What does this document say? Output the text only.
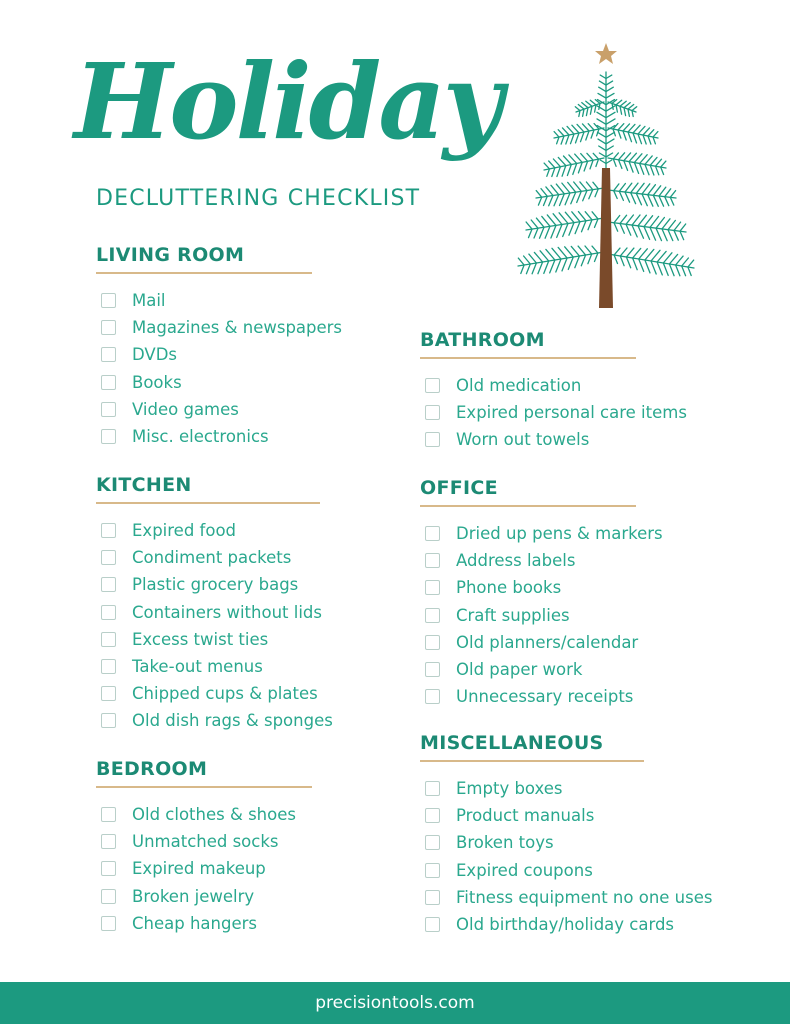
Holiday
DECLUTTERING CHECKLIST
LIVING ROOM
Mail
Magazines & newspapers
DVDs
Books
Video games
Misc. electronics
KITCHEN
Expired food
Condiment packets
Plastic grocery bags
Containers without lids
Excess twist ties
Take-out menus
Chipped cups & plates
Old dish rags & sponges
BEDROOM
Old clothes & shoes
Unmatched socks
Expired makeup
Broken jewelry
Cheap hangers
BATHROOM
Old medication
Expired personal care items
Worn out towels
OFFICE
Dried up pens & markers
Address labels
Phone books
Craft supplies
Old planners/calendar
Old paper work
Unnecessary receipts
MISCELLANEOUS
Empty boxes
Product manuals
Broken toys
Expired coupons
Fitness equipment no one uses
Old birthday/holiday cards
precisiontools.com
